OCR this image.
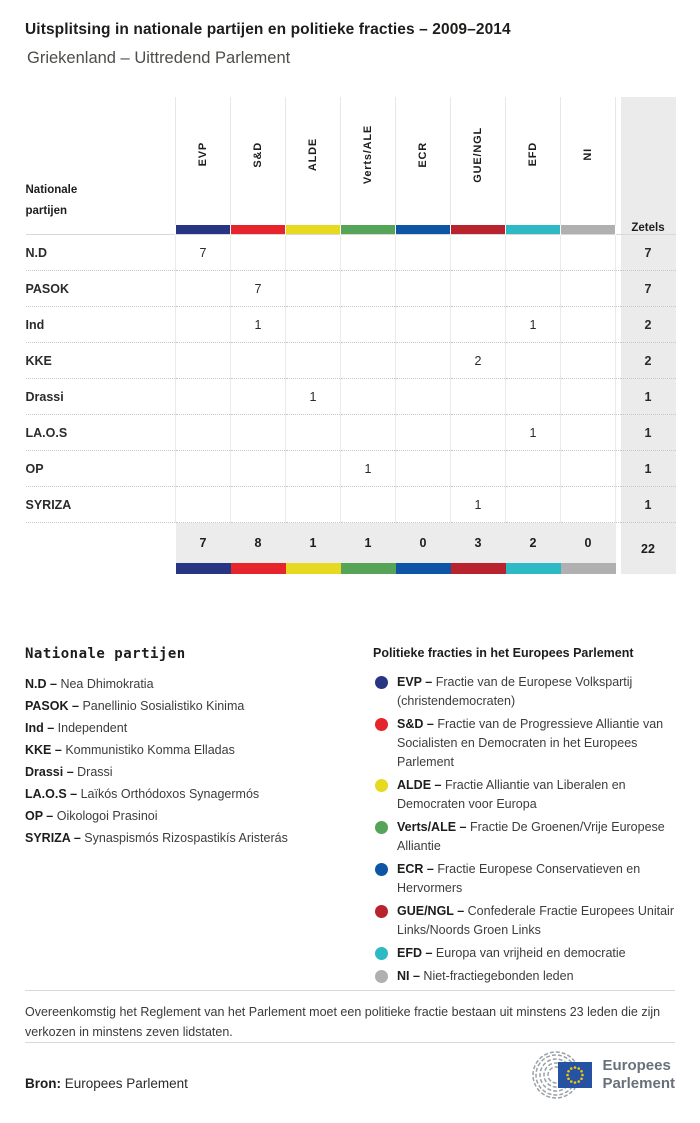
Uitsplitsing in nationale partijen en politieke fracties – 2009–2014
Griekenland – Uittredend Parlement
Nationale partijen	EVP	S&D	ALDE	Verts/ALE	ECR	GUE/NGL	EFD	NI		Zetels

N.D	7									7
PASOK		7								7
Ind		1					1			2
KKE						2				2
Drassi			1							1
LA.O.S							1			1
OP				1						1
SYRIZA						1				1
	7	8	1	1	0	3	2	0		22

Nationale partijen
N.D – Nea Dhimokratia
PASOK – Panellinio Sosialistiko Kinima
Ind – Independent
KKE – Kommunistiko Komma Elladas
Drassi – Drassi
LA.O.S – Laïkós Orthódoxos Synagermós
OP – Oikologoi Prasinoi
SYRIZA – Synaspismós Rizospastikís Aristerás
Politieke fracties in het Europees Parlement
EVP – Fractie van de Europese Volkspartij (christendemocraten)
S&D – Fractie van de Progressieve Alliantie van Socialisten en Democraten in het Europees Parlement
ALDE – Fractie Alliantie van Liberalen en Democraten voor Europa
Verts/ALE – Fractie De Groenen/Vrije Europese Alliantie
ECR – Fractie Europese Conservatieven en Hervormers
GUE/NGL – Confederale Fractie Europees Unitair Links/Noords Groen Links
EFD – Europa van vrijheid en democratie
NI – Niet-fractiegebonden leden
Overeenkomstig het Reglement van het Parlement moet een politieke fractie bestaan uit minstens 23 leden die zijn verkozen in minstens zeven lidstaten.
Bron: Europees Parlement
Europees
Parlement
